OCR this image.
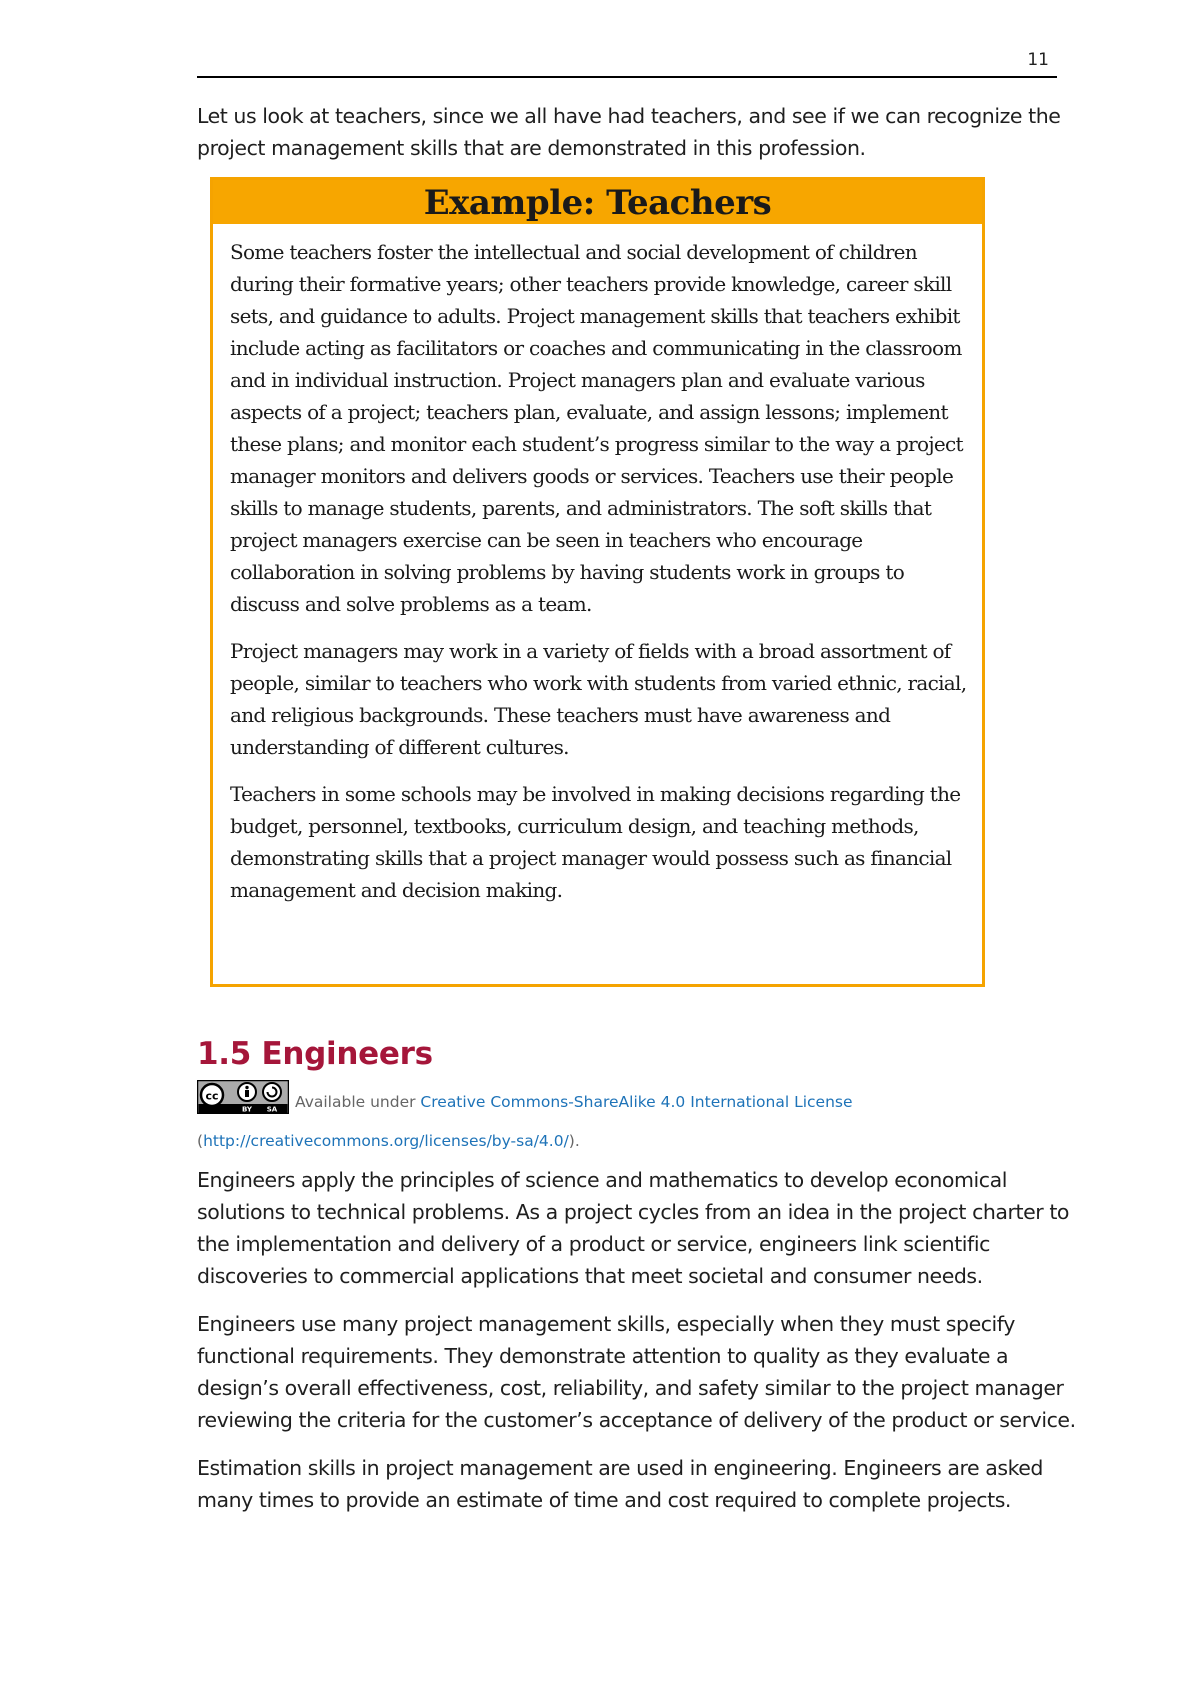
11

Let us look at teachers, since we all have had teachers, and see if we can recognize the project management skills that are demonstrated in this profession.

Example: Teachers

Some teachers foster the intellectual and social development of children during their formative years; other teachers provide knowledge, career skill sets, and guidance to adults. Project management skills that teachers exhibit include acting as facilitators or coaches and communicating in the classroom and in individual instruction. Project managers plan and evaluate various aspects of a project; teachers plan, evaluate, and assign lessons; implement these plans; and monitor each student’s progress similar to the way a project manager monitors and delivers goods or services. Teachers use their people skills to manage students, parents, and administrators. The soft skills that project managers exercise can be seen in teachers who encourage collaboration in solving problems by having students work in groups to discuss and solve problems as a team.

Project managers may work in a variety of fields with a broad assortment of people, similar to teachers who work with students from varied ethnic, racial, and religious backgrounds. These teachers must have awareness and understanding of different cultures.

Teachers in some schools may be involved in making decisions regarding the budget, personnel, textbooks, curriculum design, and teaching methods, demonstrating skills that a project manager would possess such as financial management and decision making.

1.5 Engineers
cc
BY SA Available under Creative Commons-ShareAlike 4.0 International License (http://creativecommons.org/licenses/by-sa/4.0/).

Engineers apply the principles of science and mathematics to develop economical solutions to technical problems. As a project cycles from an idea in the project charter to the implementation and delivery of a product or service, engineers link scientific discoveries to commercial applications that meet societal and consumer needs.

Engineers use many project management skills, especially when they must specify functional requirements. They demonstrate attention to quality as they evaluate a design’s overall effectiveness, cost, reliability, and safety similar to the project manager reviewing the criteria for the customer’s acceptance of delivery of the product or service.

Estimation skills in project management are used in engineering. Engineers are asked many times to provide an estimate of time and cost required to complete projects.
